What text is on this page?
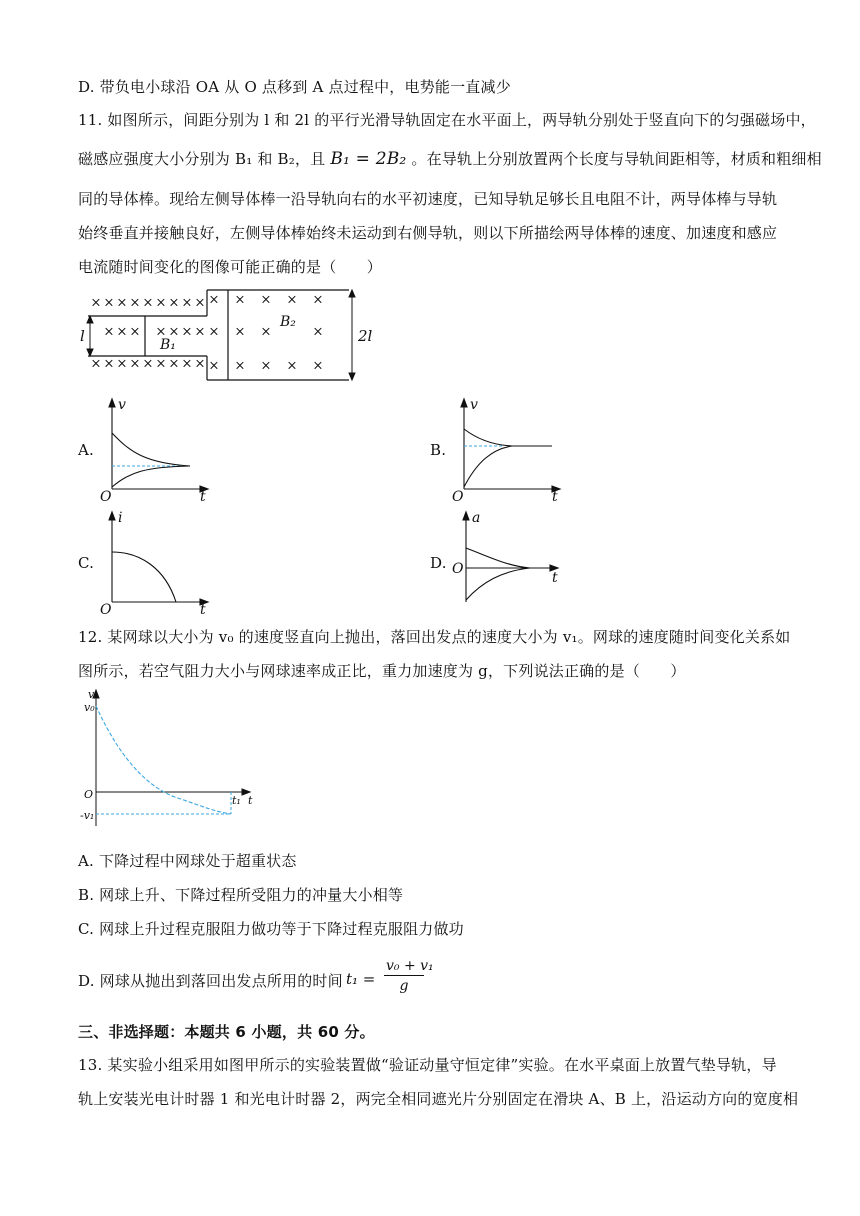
D. 带负电小球沿 OA 从 O 点移到 A 点过程中，电势能一直减少
11. 如图所示，间距分别为 l 和 2l 的平行光滑导轨固定在水平面上，两导轨分别处于竖直向下的匀强磁场中，
磁感应强度大小分别为 B₁ 和 B₂，且 B₁ = 2B₂ 。在导轨上分别放置两个长度与导轨间距相等，材质和粗细相
同的导体棒。现给左侧导体棒一沿导轨向右的水平初速度，已知导轨足够长且电阻不计，两导体棒与导轨
始终垂直并接触良好，左侧导体棒始终未运动到右侧导轨，则以下所描绘两导体棒的速度、加速度和感应
电流随时间变化的图像可能正确的是（　　）
× × × × × × × × ×
× × × × × × ×
× × × × × × × × ×
×
×
×
×
×
×
×
×
×
×
×
×
×
×
l	2l
B₁
B₂
A.
v
t
O
B.
v
t
O
C.
i
t
O
D.
a
t
O
12. 某网球以大小为 v₀ 的速度竖直向上抛出，落回出发点的速度大小为 v₁。网球的速度随时间变化关系如
图所示，若空气阻力大小与网球速率成正比，重力加速度为 g，下列说法正确的是（　　）
v
v₀
O
-v₁
t₁ t
A. 下降过程中网球处于超重状态
B. 网球上升、下降过程所受阻力的冲量大小相等
C. 网球上升过程克服阻力做功等于下降过程克服阻力做功
D. 网球从抛出到落回出发点所用的时间 $t_1 = \frac{\text{v₀ + v₁}}{g}$
三、非选择题：本题共 6 小题，共 60 分。
13. 某实验小组采用如图甲所示的实验装置做“验证动量守恒定律”实验。在水平桌面上放置气垫导轨，导
轨上安装光电计时器 1 和光电计时器 2，两完全相同遮光片分别固定在滑块 A、B 上，沿运动方向的宽度相
